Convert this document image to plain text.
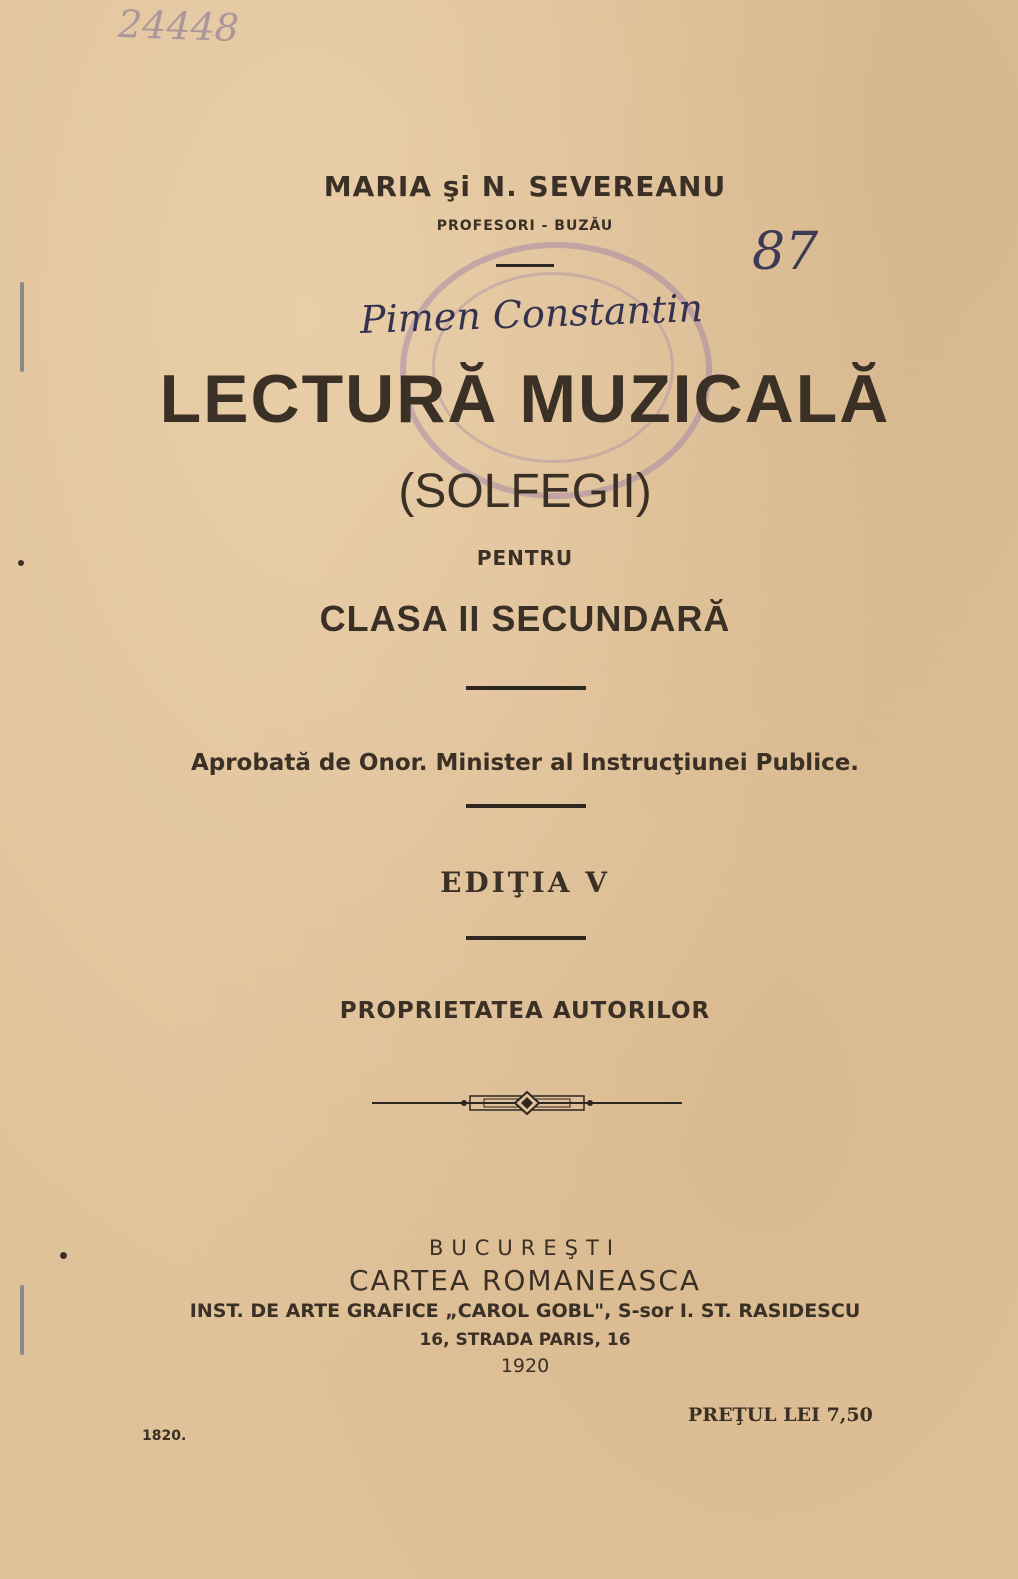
24448
MARIA şi N. SEVEREANU
PROFESORI - BUZĂU	87
Pimen Constantin
LECTURĂ MUZICALĂ
(SOLFEGII)
PENTRU
CLASA II SECUNDARĂ
Aprobată de Onor. Minister al Instrucţiunei Publice.
EDIŢIA V
PROPRIETATEA AUTORILOR
BUCUREŞTI
CARTEA ROMANEASCA
INST. DE ARTE GRAFICE „CAROL GOBL", S-sor I. ST. RASIDESCU
16, STRADA PARIS, 16
1920
1820.
PREŢUL LEI 7,50
